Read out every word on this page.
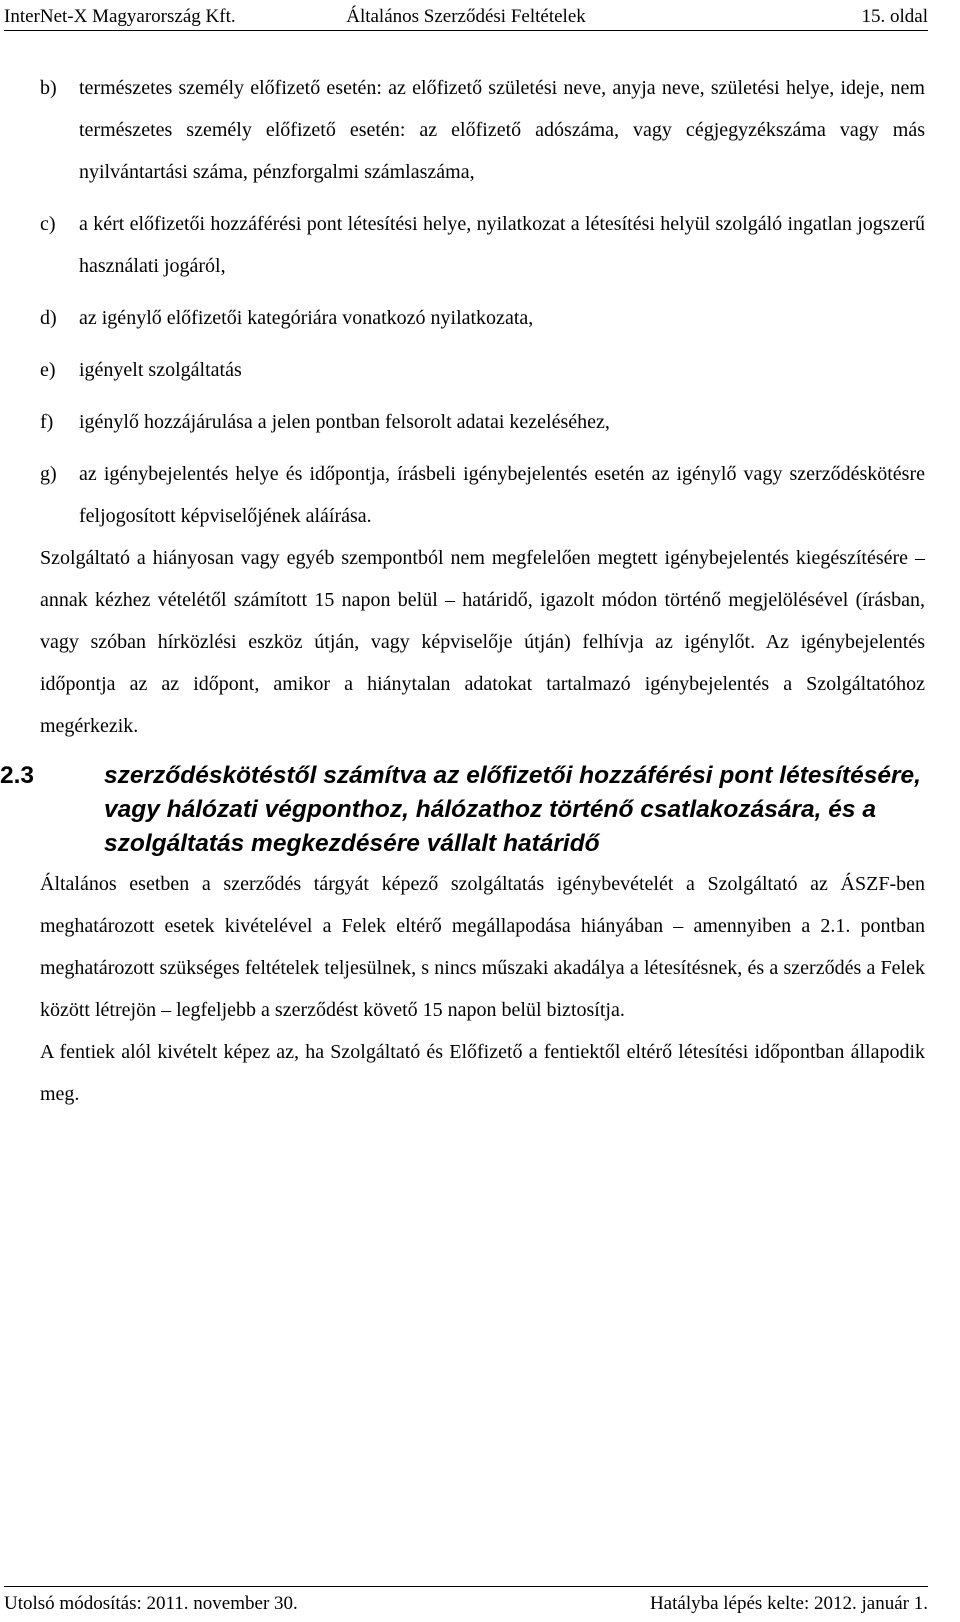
InterNet-X Magyarország Kft.	Általános Szerződési Feltételek	15. oldal
b)	természetes személy előfizető esetén: az előfizető születési neve, anyja neve, születési helye, ideje, nem természetes személy előfizető esetén: az előfizető adószáma, vagy cégjegyzékszáma vagy más nyilvántartási száma, pénzforgalmi számlaszáma,
c)	a kért előfizetői hozzáférési pont létesítési helye, nyilatkozat a létesítési helyül szolgáló ingatlan jogszerű használati jogáról,
d)	az igénylő előfizetői kategóriára vonatkozó nyilatkozata,
e)	igényelt szolgáltatás
f)	igénylő hozzájárulása a jelen pontban felsorolt adatai kezeléséhez,
g)	az igénybejelentés helye és időpontja, írásbeli igénybejelentés esetén az igénylő vagy szerződéskötésre feljogosított képviselőjének aláírása.

Szolgáltató a hiányosan vagy egyéb szempontból nem megfelelően megtett igénybejelentés kiegészítésére – annak kézhez vételétől számított 15 napon belül – határidő, igazolt módon történő megjelölésével (írásban, vagy szóban hírközlési eszköz útján, vagy képviselője útján) felhívja az igénylőt. Az igénybejelentés időpontja az az időpont, amikor a hiánytalan adatokat tartalmazó igénybejelentés a Szolgáltatóhoz megérkezik.

2.3	szerződéskötéstől számítva az előfizetői hozzáférési pont létesítésére, vagy hálózati végponthoz, hálózathoz történő csatlakozására, és a szolgáltatás megkezdésére vállalt határidő

Általános esetben a szerződés tárgyát képező szolgáltatás igénybevételét a Szolgáltató az ÁSZF-ben meghatározott esetek kivételével a Felek eltérő megállapodása hiányában – amennyiben a 2.1. pontban meghatározott szükséges feltételek teljesülnek, s nincs műszaki akadálya a létesítésnek, és a szerződés a Felek között létrejön – legfeljebb a szerződést követő 15 napon belül biztosítja.

A fentiek alól kivételt képez az, ha Szolgáltató és Előfizető a fentiektől eltérő létesítési időpontban állapodik meg.

Utolsó módosítás: 2011. november 30.	Hatályba lépés kelte: 2012. január 1.
